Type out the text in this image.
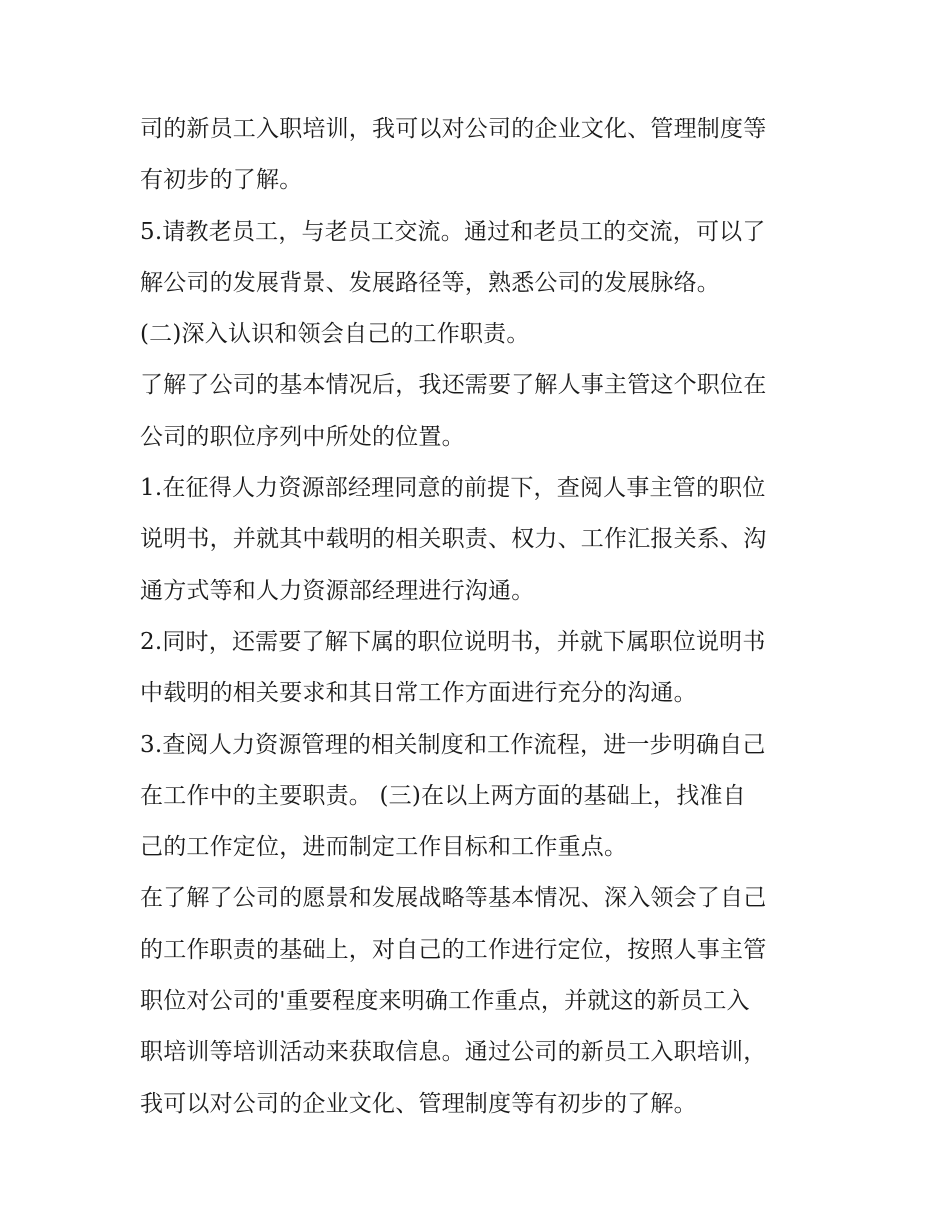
司的新员工入职培训，我可以对公司的企业文化、管理制度等
有初步的了解。
5.请教老员工，与老员工交流。通过和老员工的交流，可以了
解公司的发展背景、发展路径等，熟悉公司的发展脉络。
(二)深入认识和领会自己的工作职责。
了解了公司的基本情况后，我还需要了解人事主管这个职位在
公司的职位序列中所处的位置。
1.在征得人力资源部经理同意的前提下，查阅人事主管的职位
说明书，并就其中载明的相关职责、权力、工作汇报关系、沟
通方式等和人力资源部经理进行沟通。
2.同时，还需要了解下属的职位说明书，并就下属职位说明书
中载明的相关要求和其日常工作方面进行充分的沟通。
3.查阅人力资源管理的相关制度和工作流程，进一步明确自己
在工作中的主要职责。 (三)在以上两方面的基础上，找准自
己的工作定位，进而制定工作目标和工作重点。
在了解了公司的愿景和发展战略等基本情况、深入领会了自己
的工作职责的基础上，对自己的工作进行定位，按照人事主管
职位对公司的'重要程度来明确工作重点，并就这的新员工入
职培训等培训活动来获取信息。通过公司的新员工入职培训，
我可以对公司的企业文化、管理制度等有初步的了解。
